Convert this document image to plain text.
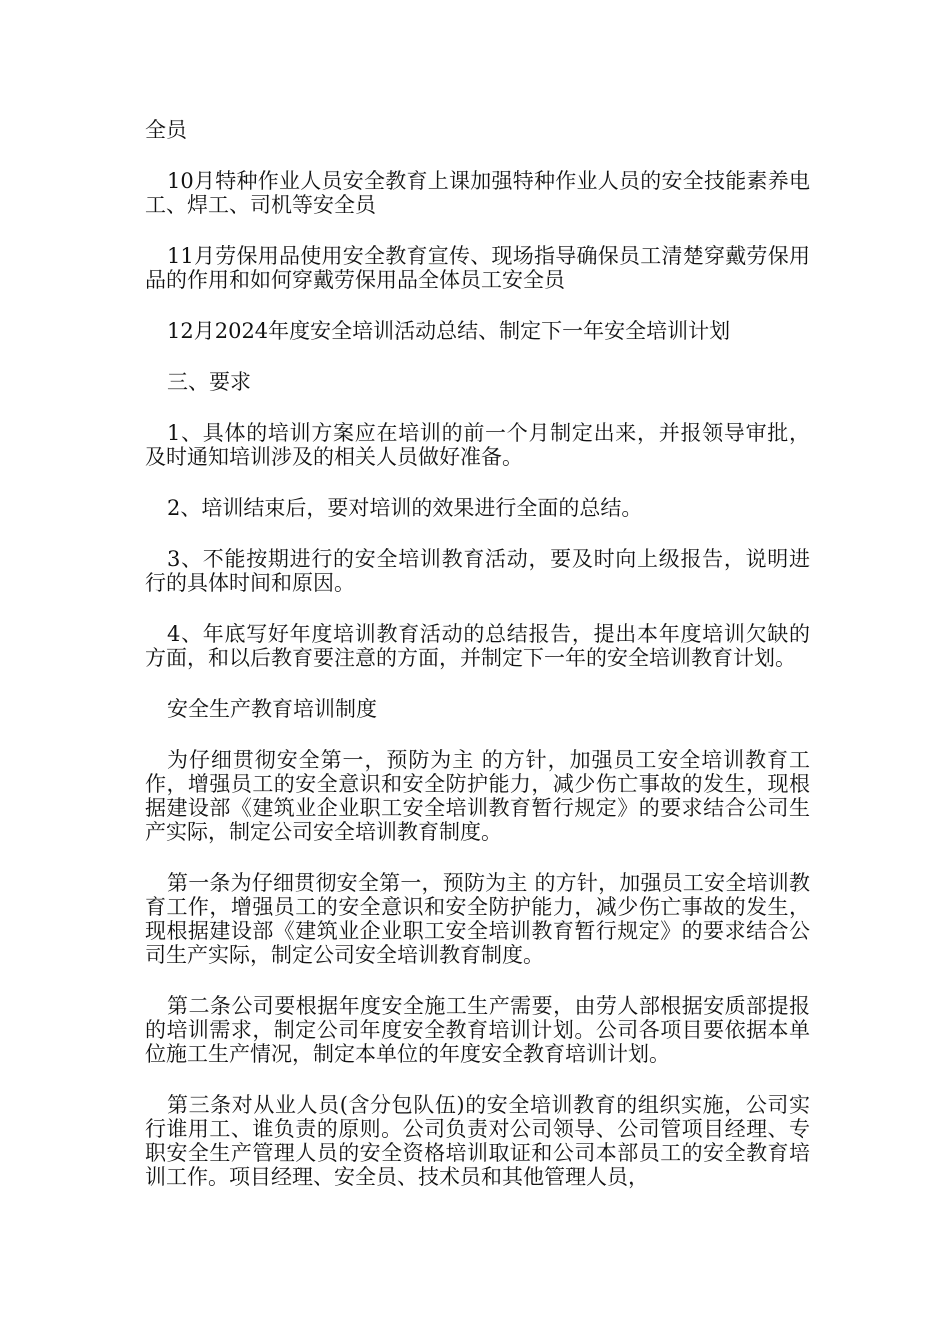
全员

10月特种作业人员安全教育上课加强特种作业人员的安全技能素养电工、焊工、司机等安全员

11月劳保用品使用安全教育宣传、现场指导确保员工清楚穿戴劳保用品的作用和如何穿戴劳保用品全体员工安全员

12月2024年度安全培训活动总结、制定下一年安全培训计划

三、要求

1、具体的培训方案应在培训的前一个月制定出来，并报领导审批，及时通知培训涉及的相关人员做好准备。

2、培训结束后，要对培训的效果进行全面的总结。

3、不能按期进行的安全培训教育活动，要及时向上级报告，说明进行的具体时间和原因。

4、年底写好年度培训教育活动的总结报告，提出本年度培训欠缺的方面，和以后教育要注意的方面，并制定下一年的安全培训教育计划。

安全生产教育培训制度

为仔细贯彻安全第一，预防为主 的方针，加强员工安全培训教育工作，增强员工的安全意识和安全防护能力，减少伤亡事故的发生，现根据建设部《建筑业企业职工安全培训教育暂行规定》的要求结合公司生产实际，制定公司安全培训教育制度。

第一条为仔细贯彻安全第一，预防为主 的方针，加强员工安全培训教育工作，增强员工的安全意识和安全防护能力，减少伤亡事故的发生，现根据建设部《建筑业企业职工安全培训教育暂行规定》的要求结合公司生产实际，制定公司安全培训教育制度。

第二条公司要根据年度安全施工生产需要，由劳人部根据安质部提报的培训需求，制定公司年度安全教育培训计划。公司各项目要依据本单位施工生产情况，制定本单位的年度安全教育培训计划。

第三条对从业人员(含分包队伍)的安全培训教育的组织实施，公司实行谁用工、谁负责的原则。公司负责对公司领导、公司管项目经理、专职安全生产管理人员的安全资格培训取证和公司本部员工的安全教育培训工作。项目经理、安全员、技术员和其他管理人员，
